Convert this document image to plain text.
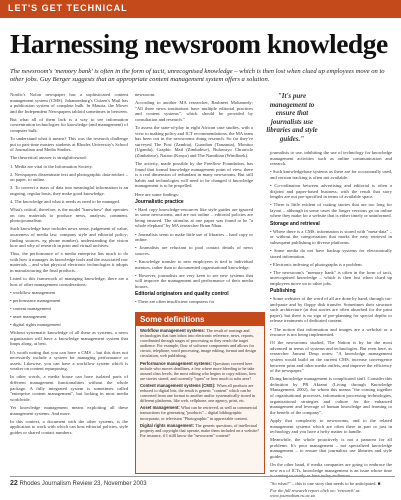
LET'S GET TECHNICAL
Harnessing newsroom knowledge
The newsroom's 'memory bank' is often in the form of tacit, unrecognised knowledge – which is then lost when clued up employees move on to other jobs. Guy Berger suggests that an appropriate content management system offers a solution.

Nordic's Nolon newspaper has a sophisticated content management system (CMS). Johannesburg's Citizen's Mail has a publication system of complete bulk. In Mauria, the Mover and the Independent Newspapers tabloid sometimes in between.

But what all of them lack is a way to see information concentration technologies for knowledge (and management) of computer bulk.

To understand what it means? This was the research challenge put to part-time masters students at Rhodes University's School of Journalism and Media Studies.

The theoretical answer is straightforward:

1. Media are vital to the Information Society.

2. Newspapers disseminate text and photographic data-artifact – on paper, to online.

3. To convert a mass of data into meaningful information is an ongoing, regular basis, they make good knowledge.

4. The knowledge and what it needs as need to be managed.

What's critical, therefore, is the model "knowhow" that operates on raw materials to produce news, analysis, comment, phototjournalism.

Such knowledge base includes news sense, judgement of value, awareness of media law, company style and editorial policy; finding sources, eg phone number), understanding the vision how and why of research in print and virtual archives.

Thus, the performance of a media enterprise has much to do with how it manages its knowledge tools and the associated raw materials – and what physical electronic technologies it adopts in manufacturing the final products.

Listed to this framework of managing knowledge, there are a host of other management considerations:

• workflow management

• performance management

• content management

• asset management

• digital rights management

Without systematic knowledge of all these as systems, a news organisation will have a knowledge management system that limps along, at best.

It's worth noting that you can have a CMS – but this does not necessarily include a system for managing performance or assets. Likewise, you can have a workflow system which is weaker on content repurposing.

In other words, a media house can have isolated parts of different management functionalities without the whole package. A fully integrated system is sometimes called "enterprise content management", but lacking in most media worldwide.

Yet knowledge management means exploiting all these management systems. And more.

In this context, a document with the other systems, is the application to work with which can host editorial policies, style guides or shared contact numbers.

newsroom.

According to another MA researcher, Rashneet Mohamedy: "All three news institutions have multiple editorial practices and content systems", which should be provided by consultation and research."

To assess the state-of-play in eight African case studies, with a view to making policy and ICT recommendations, the MA team has been out in the newsrooms doing research. So far they've surveyed The Post (Zambia), Guardian (Tanzania), Monitor (Uganda), Graphic Mail (Zimbabwe), Bulawayo Chronicle (Zimbabwe), Nation (Kenya) and The Namibian (Windhoek).

The activity, made possible by the Freeflow Foundation, has found that formal knowledge management point of view, there is a real dimension of redundant in many newsrooms. But still habits and technologies will need to be changed if knowledge management is to be propelled.

Here are some findings:

Journalistic practice

• Hard copy knowledge-resources like style guides are ignored in some newsrooms, and are not online – editorial policies are being ensured. The stimulus at one paper was found to be "a whole elephant" by MA researcher Brian Nhau.

• Journalists seem to make little use of libraries – hard copy or online.

• Journalists are reluctant to pool contact details of news sources.

• Knowledge transfer to new employees is tied to individual mentors, rather than to documented organisational knowledge.

• However, journalists are very keen to see new systems that will improve the management and performance of their media houses.

Editorial originators and quality control

• There are often insufficient computers for

"It's pure management to ensure that journalists use libraries and style guides."

journalists to use, inhibiting the use of technology for knowledge management activities such as online communication and research.

• Such knowledgebase systems as there are for occasionally used, and version tracking is often not available.

• Co-ordination between advertising and editorial is often a disjoint and paper-based business, with the result that story lengths are not pre-specified in terms of available space.

• There is little evident of cutting stories that are too long for layout – although in some cases the longer versions go on online where they make for a website that is either timely or uninformed.

Storage and retrieval

• Where there is a CMS, information is stored with "meta-data" – or without the categorisation that marks the easy retrieval in subsequent publishing to diverse platforms.

• Some media do not have backup systems for electronically stored information.

• Electronic indexing of photographs is a problem.

• The newsroom's "memory bank" is often in the form of tacit, unrecognised knowledge – which is then lost when clued up employees move on to other jobs.

Publishing

• Some websites of the word of all are done by hand, through cut-and-paste and by floppy disk transfer. Sometimes their structure such architecture (at that stories are often absorbed for the print paper), but there is no sign of pre-planning for special depths or release treatments of dedicated content.

• The notion that information and images are a webchat or a resource is not being implemented.

Of the newsrooms studied, The Nation is by far the most advanced in terms of systems and technologies. But even here, as researcher Jameni Deup notes: "A knowledge management system would build on the current CMS, increase convergence between print and other media outlets, and improve the efficiency of the newspaper."

Doing knowledge management is complicated stuff. Consider this definition by PR Akrami (Living through Knowledge Management, 2002), for whom this means "the coming together of organisational processes, information processing technologies, organisational strategies and culture for the enhanced management and leverage of human knowledge and learning to the benefit of the company".

Apply that complexity to newsrooms, and to the related management systems which are often there in part or just in technology and you have a hefty matter to handle.

Meanwhile, the whole proactively is not a panacea for all problems. It's poor management – not specialized knowledge management – to ensure that journalists use libraries and style guides.

On the other hand, if media companies are going to embrace the new era of ICTs, knowledge management is an issue whose time is coming so surely as here today audiences.

"So what?" – this is one story that needs to be anticipated. ■

Some definitions

Workflow management systems: The result of routings and technologies that turn inbox into electronic reference, news, reports, coordinated through stages of processing as they reach the target audience. For example, flow of software components and allows for circuit, telephone, word processing, image editing, format and design circulation, web publishing.

Performance management systems: Questions covered here include who moves deadlines, a few where more bleeding to be take around class levels, the most editing who begins to copy editors, how are stories stored, and currently "open" or how much to subs area?

Content management systems (CMS): When all products are reduced to digital bits, the result is generic "content" which can be converted from one format to another and/or systematically stored in different platforms, like web, cellphone, one agency, print, etc.

Asset management: What can be retrieved, as well as commercial transactions for generating "products" – digital bibliographic incorporate, or television "Photographic" in appreciable content.

Digital rights management: The generic questions, of intellectual property and copyright that operate, make them included on a website? For instance, if I stilll know the "newsroom" content?

22 Rhodes Journalism Review 23, November 2003
For the full research report click on: 'research' at: www.journalism.ru.ac.za
